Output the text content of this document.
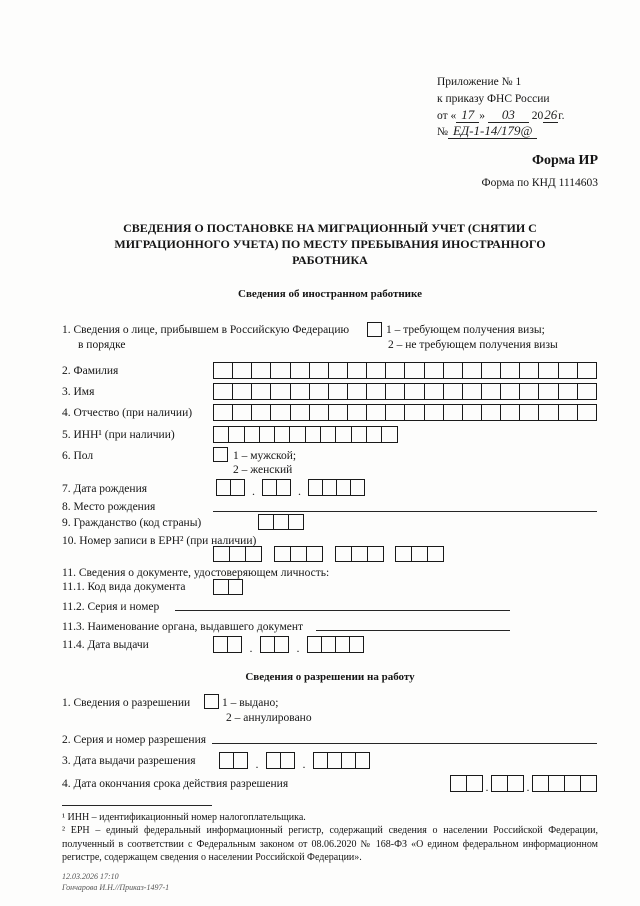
Приложение № 1
к приказу ФНС России
от « 17 » 03 2026г.
№ ЕД-1-14/179@
Форма ИР
Форма по КНД 1114603
СВЕДЕНИЯ О ПОСТАНОВКЕ НА МИГРАЦИОННЫЙ УЧЕТ (СНЯТИИ С
МИГРАЦИОННОГО УЧЕТА) ПО МЕСТУ ПРЕБЫВАНИЯ ИНОСТРАННОГО
РАБОТНИКА
Сведения об иностранном работнике
1. Сведения о лице, прибывшем в Российскую Федерацию
в порядке
1 – требующем получения визы;
2 – не требующем получения визы
2. Фамилия
3. Имя
4. Отчество (при наличии)
5. ИНН¹ (при наличии)
6. Пол	1 – мужской;
2 – женский
7. Дата рождения	.	.
8. Место рождения
9. Гражданство (код страны)
10. Номер записи в ЕРН² (при наличии)
11. Сведения о документе, удостоверяющем личность:
11.1. Код вида документа
11.2. Серия и номер
11.3. Наименование органа, выдавшего документ
11.4. Дата выдачи	.	.
Сведения о разрешении на работу
1. Сведения о разрешении	1 – выдано;
2 – аннулировано
2. Серия и номер разрешения
3. Дата выдачи разрешения	.	.
4. Дата окончания срока действия разрешения	.	.
¹ ИНН – идентификационный номер налогоплательщика.
² ЕРН – единый федеральный информационный регистр, содержащий сведения о населении Российской Федерации, полученный в соответствии с Федеральным законом от 08.06.2020 № 168-ФЗ «О едином федеральном информационном регистре, содержащем сведения о населении Российской Федерации».
12.03.2026 17:10
Гончарова И.Н.//Приказ-1497-1
